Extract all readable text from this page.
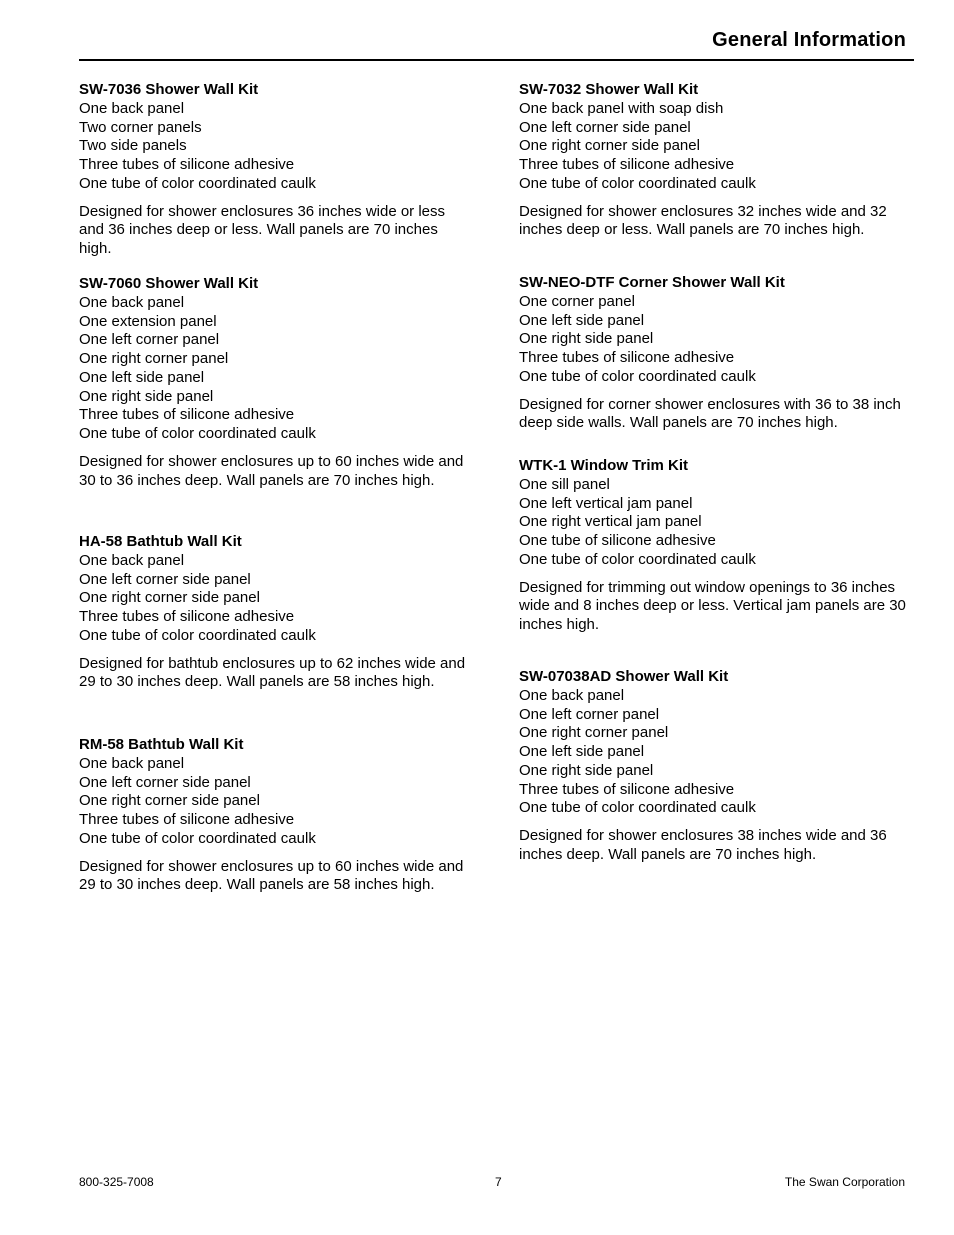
General Information
SW-7036 Shower Wall Kit
One back panel
Two corner panels
Two side panels
Three tubes of silicone adhesive
One tube of color coordinated caulk

Designed for shower enclosures 36 inches wide or less and 36 inches deep or less. Wall panels are 70 inches high.

SW-7060 Shower Wall Kit
One back panel
One extension panel
One left corner panel
One right corner panel
One left side panel
One right side panel
Three tubes of silicone adhesive
One tube of color coordinated caulk

Designed for shower enclosures up to 60 inches wide and 30 to 36 inches deep. Wall panels are 70 inches high.

HA-58 Bathtub Wall Kit
One back panel
One left corner side panel
One right corner side panel
Three tubes of silicone adhesive
One tube of color coordinated caulk

Designed for bathtub enclosures up to 62 inches wide and 29 to 30 inches deep. Wall panels are 58 inches high.

RM-58 Bathtub Wall Kit
One back panel
One left corner side panel
One right corner side panel
Three tubes of silicone adhesive
One tube of color coordinated caulk

Designed for shower enclosures up to 60 inches wide and 29 to 30 inches deep. Wall panels are 58 inches high.

SW-7032 Shower Wall Kit
One back panel with soap dish
One left corner side panel
One right corner side panel
Three tubes of silicone adhesive
One tube of color coordinated caulk

Designed for shower enclosures 32 inches wide and 32 inches deep or less. Wall panels are 70 inches high.

SW-NEO-DTF Corner Shower Wall Kit
One corner panel
One left side panel
One right side panel
Three tubes of silicone adhesive
One tube of color coordinated caulk

Designed for corner shower enclosures with 36 to 38 inch deep side walls. Wall panels are 70 inches high.

WTK-1 Window Trim Kit
One sill panel
One left vertical jam panel
One right vertical jam panel
One tube of silicone adhesive
One tube of color coordinated caulk

Designed for trimming out window openings to 36 inches wide and 8 inches deep or less. Vertical jam panels are 30 inches high.

SW-07038AD Shower Wall Kit
One back panel
One left corner panel
One right corner panel
One left side panel
One right side panel
Three tubes of silicone adhesive
One tube of color coordinated caulk

Designed for shower enclosures 38 inches wide and 36 inches deep. Wall panels are 70 inches high.

800-325-7008	7	The Swan Corporation
